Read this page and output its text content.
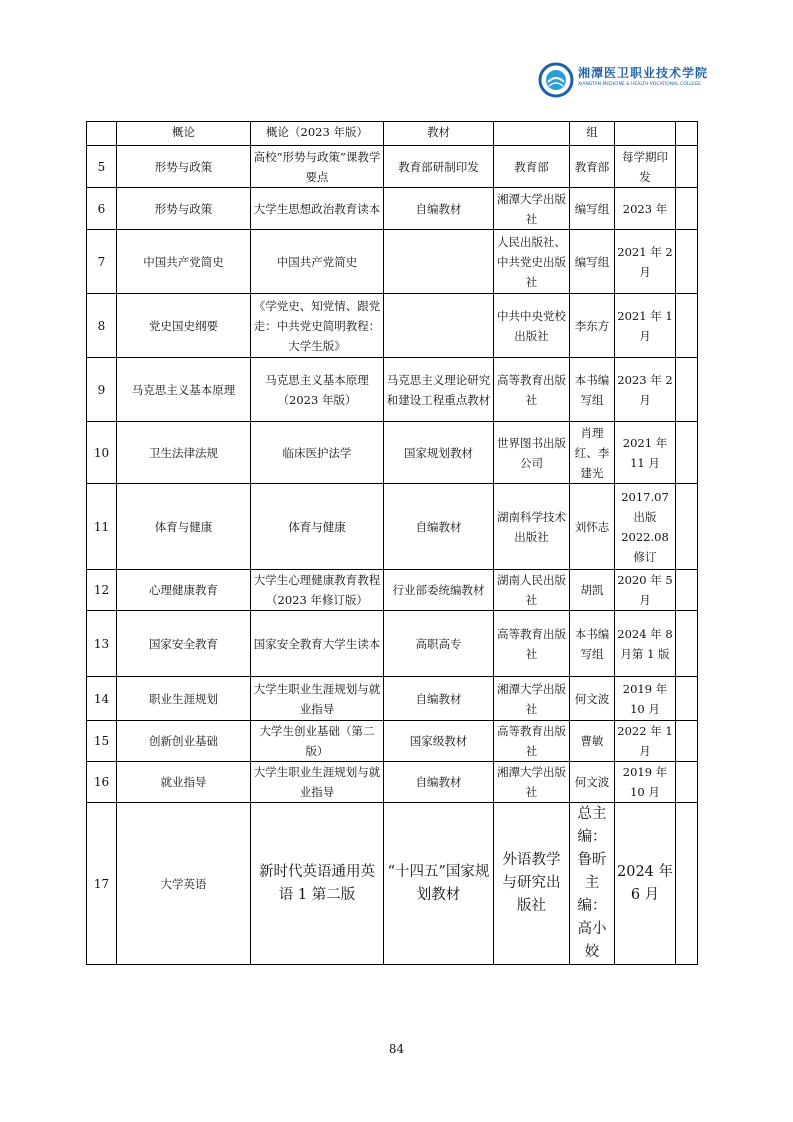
湘潭医卫职业技术学院
XIANGTAN MEDICINE & HEALTH VOCATIONAL COLLEGE
	概论	概论（2023 年版）	教材		组		
5	形势与政策	高校“形势与政策”课教学要点	教育部研制印发	教育部	教育部	每学期印发	
6	形势与政策	大学生思想政治教育读本	自编教材	湘潭大学出版社	编写组	2023 年	
7	中国共产党简史	中国共产党简史		人民出版社、中共党史出版社	编写组	2021 年 2 月	
8	党史国史纲要	《学党史、知党情、跟党走：中共党史简明教程：大学生版》		中共中央党校出版社	李东方	2021 年 1 月	
9	马克思主义基本原理	马克思主义基本原理（2023 年版）	马克思主义理论研究和建设工程重点教材	高等教育出版社	本书编写组	2023 年 2 月	
10	卫生法律法规	临床医护法学	国家规划教材	世界图书出版公司	肖理红、李建光	2021 年 11 月	
11	体育与健康	体育与健康	自编教材	湖南科学技术出版社	刘怀志	2017.07 出版 2022.08 修订	
12	心理健康教育	大学生心理健康教育教程（2023 年修订版）	行业部委统编教材	湖南人民出版社	胡凯	2020 年 5 月	
13	国家安全教育	国家安全教育大学生读本	高职高专	高等教育出版社	本书编写组	2024 年 8 月第 1 版	
14	职业生涯规划	大学生职业生涯规划与就业指导	自编教材	湘潭大学出版社	何文波	2019 年 10 月	
15	创新创业基础	大学生创业基础（第二版）	国家级教材	高等教育出版社	曹敏	2022 年 1 月	
16	就业指导	大学生职业生涯规划与就业指导	自编教材	湘潭大学出版社	何文波	2019 年 10 月	
17	大学英语	新时代英语通用英语 1 第二版	“十四五”国家规划教材	外语教学与研究出版社	总主编：鲁昕 主编：高小姣	2024 年 6 月	
84
